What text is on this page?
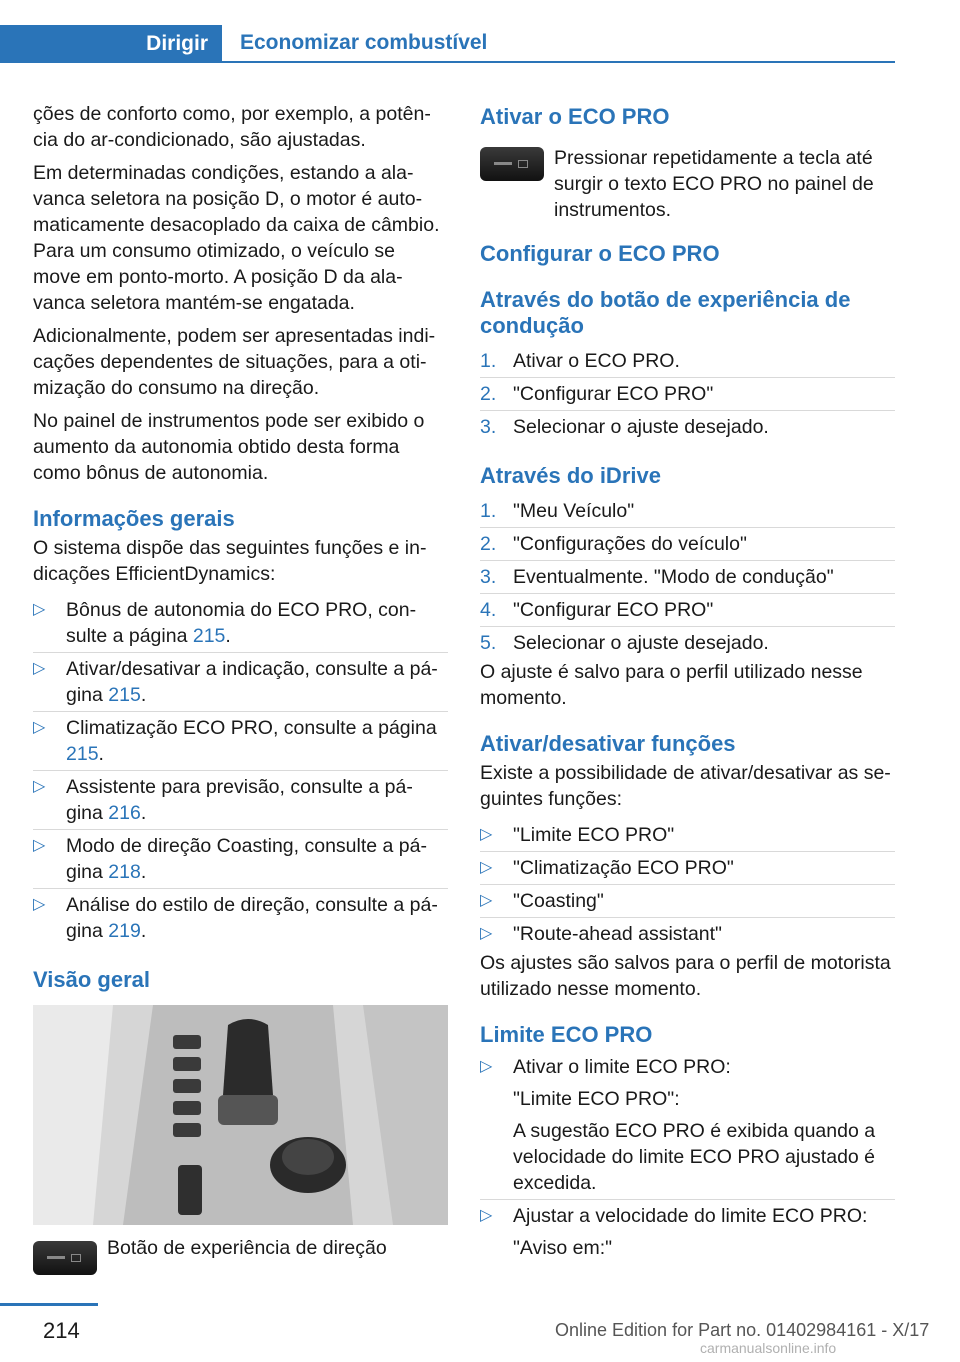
Dirigir	Economizar combustível

ções de conforto como, por exemplo, a potên‐cia do ar-condicionado, são ajustadas.

Em determinadas condições, estando a ala‐vanca seletora na posição D, o motor é auto‐maticamente desacoplado da caixa de câmbio. Para um consumo otimizado, o veículo se move em ponto-morto. A posição D da ala‐vanca seletora mantém-se engatada.

Adicionalmente, podem ser apresentadas indi‐cações dependentes de situações, para a oti‐mização do consumo na direção.

No painel de instrumentos pode ser exibido o aumento da autonomia obtido desta forma como bônus de autonomia.

Informações gerais

O sistema dispõe das seguintes funções e in‐dicações EfficientDynamics:

▷ Bônus de autonomia do ECO PRO, con‐sulte a página 215.
▷ Ativar/desativar a indicação, consulte a pá‐gina 215.
▷ Climatização ECO PRO, consulte a página 215.
▷ Assistente para previsão, consulte a pá‐gina 216.
▷ Modo de direção Coasting, consulte a pá‐gina 218.
▷ Análise do estilo de direção, consulte a pá‐gina 219.
Visão geral
Botão de experiência de direção
Ativar o ECO PRO
Pressionar repetidamente a tecla até surgir o texto ECO PRO no painel de instrumentos.
Configurar o ECO PRO
Através do botão de experiência de condução
1. Ativar o ECO PRO.
2. "Configurar ECO PRO"
3. Selecionar o ajuste desejado.
Através do iDrive
1. "Meu Veículo"
2. "Configurações do veículo"
3. Eventualmente. "Modo de condução"
4. "Configurar ECO PRO"
5. Selecionar o ajuste desejado.

O ajuste é salvo para o perfil utilizado nesse momento.

Ativar/desativar funções

Existe a possibilidade de ativar/desativar as se‐guintes funções:

▷ "Limite ECO PRO"
▷ "Climatização ECO PRO"
▷ "Coasting"
▷ "Route-ahead assistant"

Os ajustes são salvos para o perfil de motorista utilizado nesse momento.

Limite ECO PRO
▷ Ativar o limite ECO PRO:
"Limite ECO PRO":
A sugestão ECO PRO é exibida quando a velocidade do limite ECO PRO ajustado é excedida.
▷ Ajustar a velocidade do limite ECO PRO:
"Aviso em:"
214	Online Edition for Part no. 01402984161 - X/17
carmanualsonline.info
